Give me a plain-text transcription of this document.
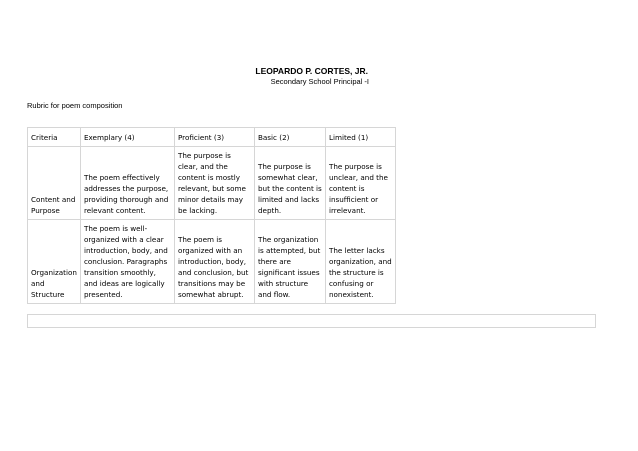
LEOPARDO P. CORTES, JR.
Secondary School Principal -I
Rubric for poem composition
Criteria	Exemplary (4)	Proficient (3)	Basic (2)	Limited (1)
Content and Purpose	The poem effectively addresses the purpose, providing thorough and relevant content.	The purpose is clear, and the content is mostly relevant, but some minor details may be lacking.	The purpose is somewhat clear, but the content is limited and lacks depth.	The purpose is unclear, and the content is insufficient or irrelevant.
Organization and Structure	The poem is well-organized with a clear introduction, body, and conclusion. Paragraphs transition smoothly, and ideas are logically presented.	The poem is organized with an introduction, body, and conclusion, but transitions may be somewhat abrupt.	The organization is attempted, but there are significant issues with structure and flow.	The letter lacks organization, and the structure is confusing or nonexistent.
